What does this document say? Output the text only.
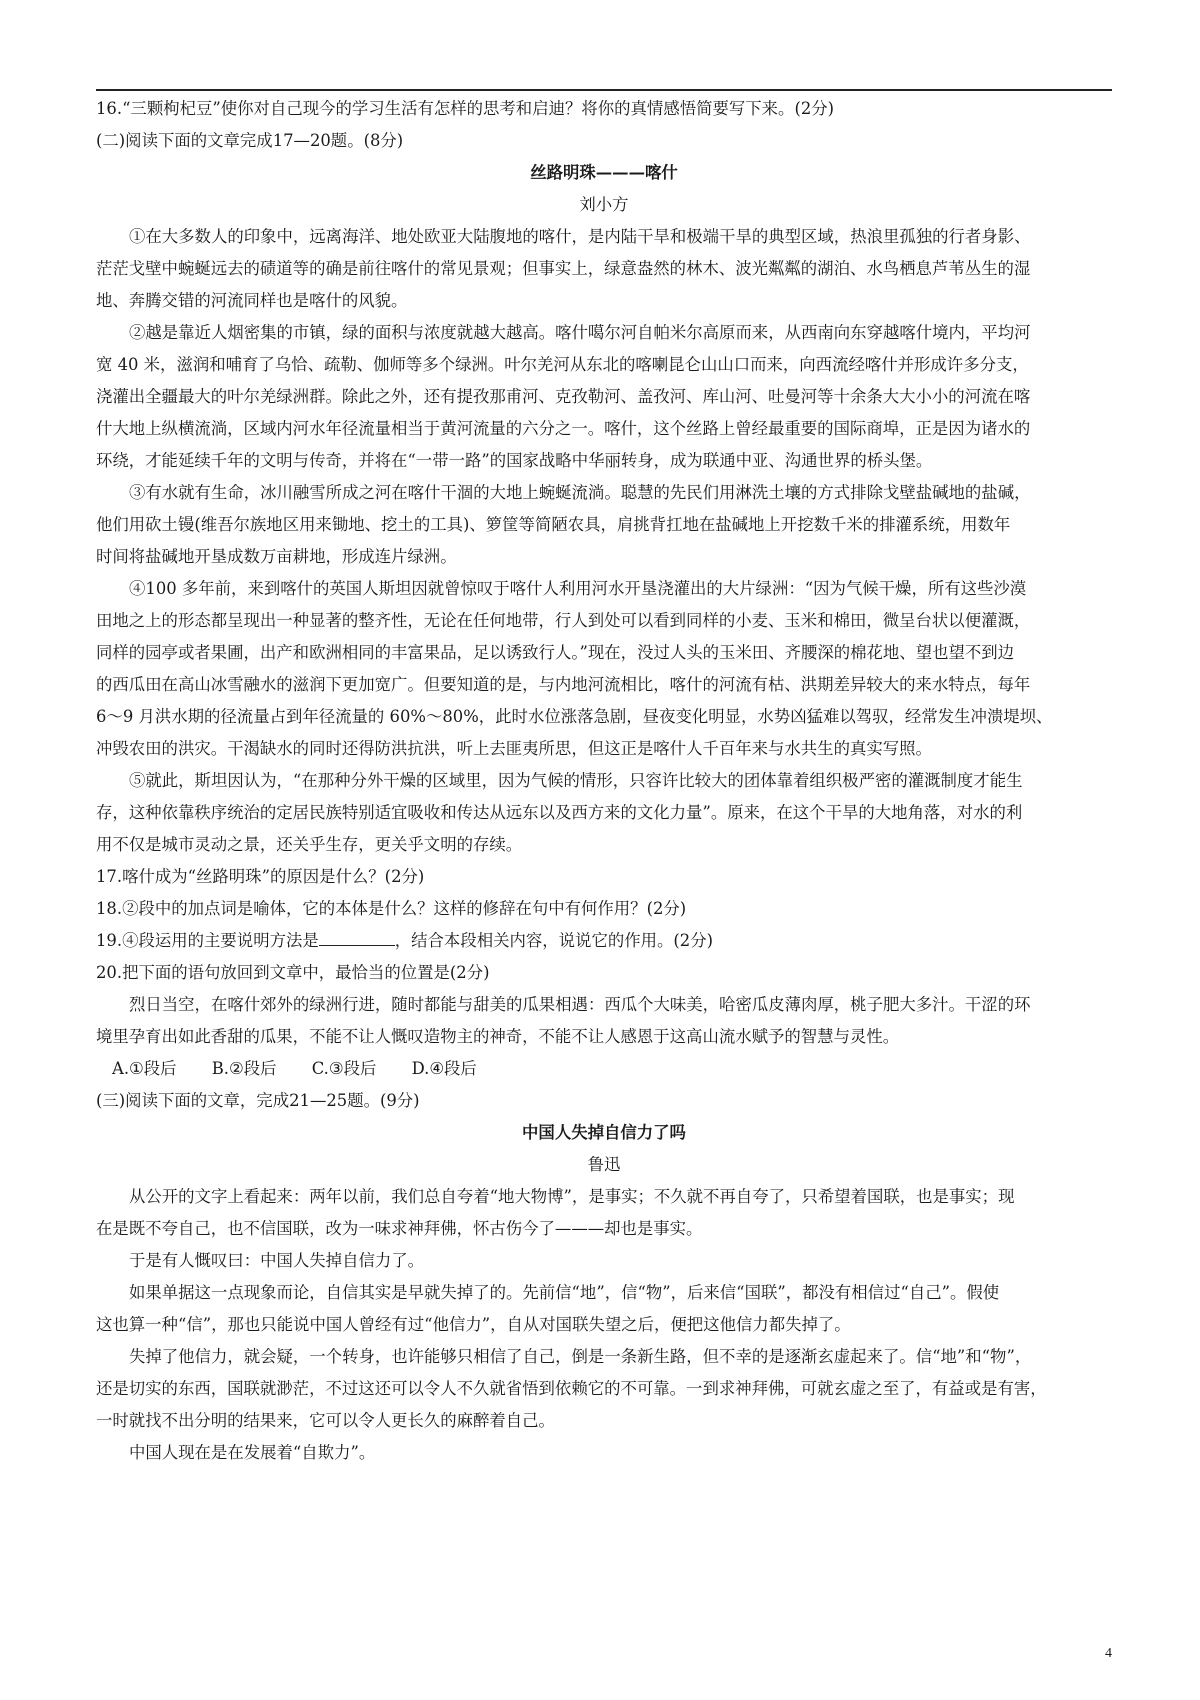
16.“三颗枸杞豆”使你对自己现今的学习生活有怎样的思考和启迪？将你的真情感悟简要写下来。(2分)
(二)阅读下面的文章完成17—20题。(8分)
丝路明珠———喀什
刘小方
①在大多数人的印象中，远离海洋、地处欧亚大陆腹地的喀什，是内陆干旱和极端干旱的典型区域，热浪里孤独的行者身影、
茫茫戈壁中蜿蜒远去的碛道等的确是前往喀什的常见景观；但事实上，绿意盎然的林木、波光粼粼的湖泊、水鸟栖息芦苇丛生的湿
地、奔腾交错的河流同样也是喀什的风貌。
②越是靠近人烟密集的市镇，绿的面积与浓度就越大越高。喀什噶尔河自帕米尔高原而来，从西南向东穿越喀什境内，平均河
宽 40 米，滋润和哺育了乌恰、疏勒、伽师等多个绿洲。叶尔羌河从东北的喀喇昆仑山山口而来，向西流经喀什并形成许多分支，
浇灌出全疆最大的叶尔羌绿洲群。除此之外，还有提孜那甫河、克孜勒河、盖孜河、库山河、吐曼河等十余条大大小小的河流在喀
什大地上纵横流淌，区域内河水年径流量相当于黄河流量的六分之一。喀什，这个丝路上曾经最重要的国际商埠，正是因为诸水的
环绕，才能延续千年的文明与传奇，并将在“一带一路”的国家战略中华丽转身，成为联通中亚、沟通世界的桥头堡。
③有水就有生命，冰川融雪所成之河在喀什干涸的大地上蜿蜒流淌。聪慧的先民们用淋洗土壤的方式排除戈壁盐碱地的盐碱，
他们用砍土镘(维吾尔族地区用来锄地、挖土的工具)、箩筐等简陋农具，肩挑背扛地在盐碱地上开挖数千米的排灌系统，用数年
时间将盐碱地开垦成数万亩耕地，形成连片绿洲。
④100 多年前，来到喀什的英国人斯坦因就曾惊叹于喀什人利用河水开垦浇灌出的大片绿洲：“因为气候干燥，所有这些沙漠
田地之上的形态都呈现出一种显著的整齐性，无论在任何地带，行人到处可以看到同样的小麦、玉米和棉田，微呈台状以便灌溉，
同样的园亭或者果圃，出产和欧洲相同的丰富果品，足以诱致行人。”现在，没过人头的玉米田、齐腰深的棉花地、望也望不到边
的西瓜田在高山冰雪融水的滋润下更加宽广。但要知道的是，与内地河流相比，喀什的河流有枯、洪期差异较大的来水特点，每年
6～9 月洪水期的径流量占到年径流量的 60%～80%，此时水位涨落急剧，昼夜变化明显，水势凶猛难以驾驭，经常发生冲溃堤坝、
冲毁农田的洪灾。干渴缺水的同时还得防洪抗洪，听上去匪夷所思，但这正是喀什人千百年来与水共生的真实写照。
⑤就此，斯坦因认为，“在那种分外干燥的区域里，因为气候的情形，只容许比较大的团体靠着组织极严密的灌溉制度才能生
存，这种依靠秩序统治的定居民族特别适宜吸收和传达从远东以及西方来的文化力量”。原来，在这个干旱的大地角落，对水的利
用不仅是城市灵动之景，还关乎生存，更关乎文明的存续。
17.喀什成为“丝路明珠”的原因是什么？(2分)
18.②段中的加点词是喻体，它的本体是什么？这样的修辞在句中有何作用？(2分)
19.④段运用的主要说明方法是	，结合本段相关内容，说说它的作用。(2分)
20.把下面的语句放回到文章中，最恰当的位置是(2分)
烈日当空，在喀什郊外的绿洲行进，随时都能与甜美的瓜果相遇：西瓜个大味美，哈密瓜皮薄肉厚，桃子肥大多汁。干涩的环
境里孕育出如此香甜的瓜果，不能不让人慨叹造物主的神奇，不能不让人感恩于这高山流水赋予的智慧与灵性。
A.①段后 B.②段后 C.③段后 D.④段后
(三)阅读下面的文章，完成21—25题。(9分)
中国人失掉自信力了吗
鲁迅
从公开的文字上看起来：两年以前，我们总自夸着“地大物博”，是事实；不久就不再自夸了，只希望着国联，也是事实；现
在是既不夸自己，也不信国联，改为一味求神拜佛，怀古伤今了———却也是事实。
于是有人慨叹曰：中国人失掉自信力了。
如果单据这一点现象而论，自信其实是早就失掉了的。先前信“地”，信“物”，后来信“国联”，都没有相信过“自己”。假使
这也算一种“信”，那也只能说中国人曾经有过“他信力”，自从对国联失望之后，便把这他信力都失掉了。
失掉了他信力，就会疑，一个转身，也许能够只相信了自己，倒是一条新生路，但不幸的是逐渐玄虚起来了。信“地”和“物”，
还是切实的东西，国联就渺茫，不过这还可以令人不久就省悟到依赖它的不可靠。一到求神拜佛，可就玄虚之至了，有益或是有害，
一时就找不出分明的结果来，它可以令人更长久的麻醉着自己。
中国人现在是在发展着“自欺力”。
4
